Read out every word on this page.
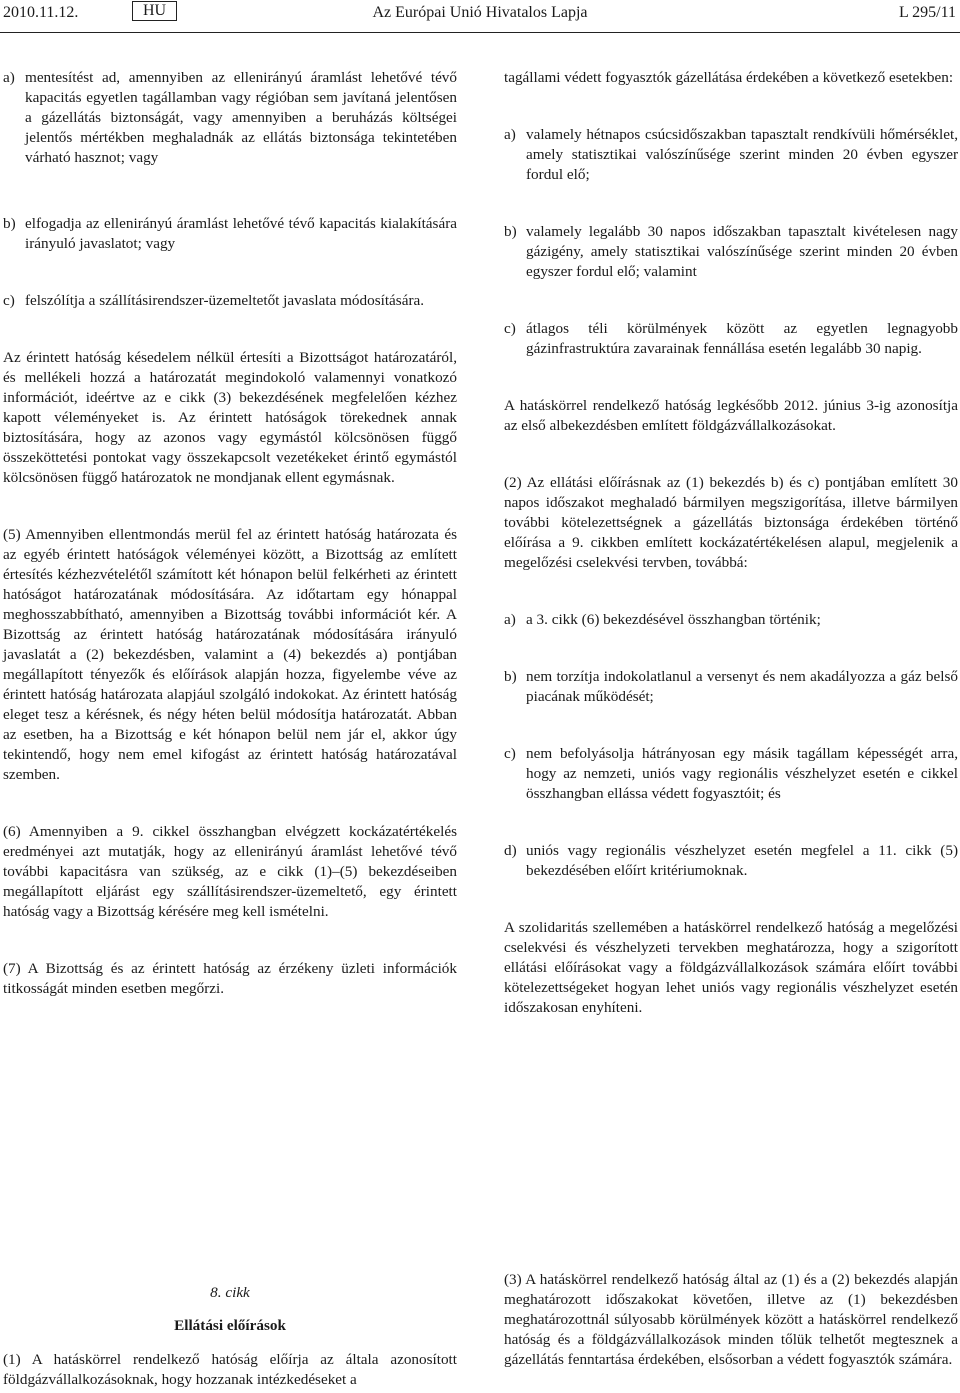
2010.11.12.	HU	Az Európai Unió Hivatalos Lapja	L 295/11
a) mentesítést ad, amennyiben az ellenirányú áramlást lehetővé tévő kapacitás egyetlen tagállamban vagy régióban sem javítaná jelentősen a gázellátás biztonságát, vagy amennyiben a beruházás költségei jelentős mértékben meghaladnák az ellátás biztonsága tekintetében várható hasznot; vagy
b) elfogadja az ellenirányú áramlást lehetővé tévő kapacitás kialakítására irányuló javaslatot; vagy
c) felszólítja a szállításirendszer-üzemeltetőt javaslata módosítására.

Az érintett hatóság késedelem nélkül értesíti a Bizottságot határozatáról, és mellékeli hozzá a határozatát megindokoló valamennyi vonatkozó információt, ideértve az e cikk (3) bekezdésének megfelelően kézhez kapott véleményeket is. Az érintett hatóságok törekednek annak biztosítására, hogy az azonos vagy egymástól kölcsönösen függő összeköttetési pontokat vagy összekapcsolt vezetékeket érintő egymástól kölcsönösen függő határozatok ne mondjanak ellent egymásnak.

(5) Amennyiben ellentmondás merül fel az érintett hatóság határozata és az egyéb érintett hatóságok véleményei között, a Bizottság az említett értesítés kézhezvételétől számított két hónapon belül felkérheti az érintett hatóságot határozatának módosítására. Az időtartam egy hónappal meghosszabbítható, amennyiben a Bizottság további információt kér. A Bizottság az érintett hatóság határozatának módosítására irányuló javaslatát a (2) bekezdésben, valamint a (4) bekezdés a) pontjában megállapított tényezők és előírások alapján hozza, figyelembe véve az érintett hatóság határozata alapjául szolgáló indokokat. Az érintett hatóság eleget tesz a kérésnek, és négy héten belül módosítja határozatát. Abban az esetben, ha a Bizottság e két hónapon belül nem jár el, akkor úgy tekintendő, hogy nem emel kifogást az érintett hatóság határozatával szemben.

(6) Amennyiben a 9. cikkel összhangban elvégzett kockázatértékelés eredményei azt mutatják, hogy az ellenirányú áramlást lehetővé tévő további kapacitásra van szükség, az e cikk (1)–(5) bekezdéseiben megállapított eljárást egy szállításirendszer-üzemeltető, egy érintett hatóság vagy a Bizottság kérésére meg kell ismételni.

(7) A Bizottság és az érintett hatóság az érzékeny üzleti információk titkosságát minden esetben megőrzi.

8. cikk
Ellátási előírások
(1) A hatáskörrel rendelkező hatóság előírja az általa azonosított földgázvállalkozásoknak, hogy hozzanak intézkedéseket a

tagállami védett fogyasztók gázellátása érdekében a következő esetekben:

a) valamely hétnapos csúcsidőszakban tapasztalt rendkívüli hőmérséklet, amely statisztikai valószínűsége szerint minden 20 évben egyszer fordul elő;
b) valamely legalább 30 napos időszakban tapasztalt kivételesen nagy gázigény, amely statisztikai valószínűsége szerint minden 20 évben egyszer fordul elő; valamint
c) átlagos téli körülmények között az egyetlen legnagyobb gázinfrastruktúra zavarainak fennállása esetén legalább 30 napig.

A hatáskörrel rendelkező hatóság legkésőbb 2012. június 3-ig azonosítja az első albekezdésben említett földgázvállalkozásokat.

(2) Az ellátási előírásnak az (1) bekezdés b) és c) pontjában említett 30 napos időszakot meghaladó bármilyen megszigorítása, illetve bármilyen további kötelezettségnek a gázellátás biztonsága érdekében történő előírása a 9. cikkben említett kockázatértékelésen alapul, megjelenik a megelőzési cselekvési tervben, továbbá:

a) a 3. cikk (6) bekezdésével összhangban történik;
b) nem torzítja indokolatlanul a versenyt és nem akadályozza a gáz belső piacának működését;
c) nem befolyásolja hátrányosan egy másik tagállam képességét arra, hogy az nemzeti, uniós vagy regionális vészhelyzet esetén e cikkel összhangban ellássa védett fogyasztóit; és
d) uniós vagy regionális vészhelyzet esetén megfelel a 11. cikk (5) bekezdésében előírt kritériumoknak.

A szolidaritás szellemében a hatáskörrel rendelkező hatóság a megelőzési cselekvési és vészhelyzeti tervekben meghatározza, hogy a szigorított ellátási előírásokat vagy a földgázvállalkozások számára előírt további kötelezettségeket hogyan lehet uniós vagy regionális vészhelyzet esetén időszakosan enyhíteni.

(3) A hatáskörrel rendelkező hatóság által az (1) és a (2) bekezdés alapján meghatározott időszakokat követően, illetve az (1) bekezdésben meghatározottnál súlyosabb körülmények között a hatáskörrel rendelkező hatóság és a földgázvállalkozások minden tőlük telhetőt megtesznek a gázellátás fenntartása érdekében, elsősorban a védett fogyasztók számára.
